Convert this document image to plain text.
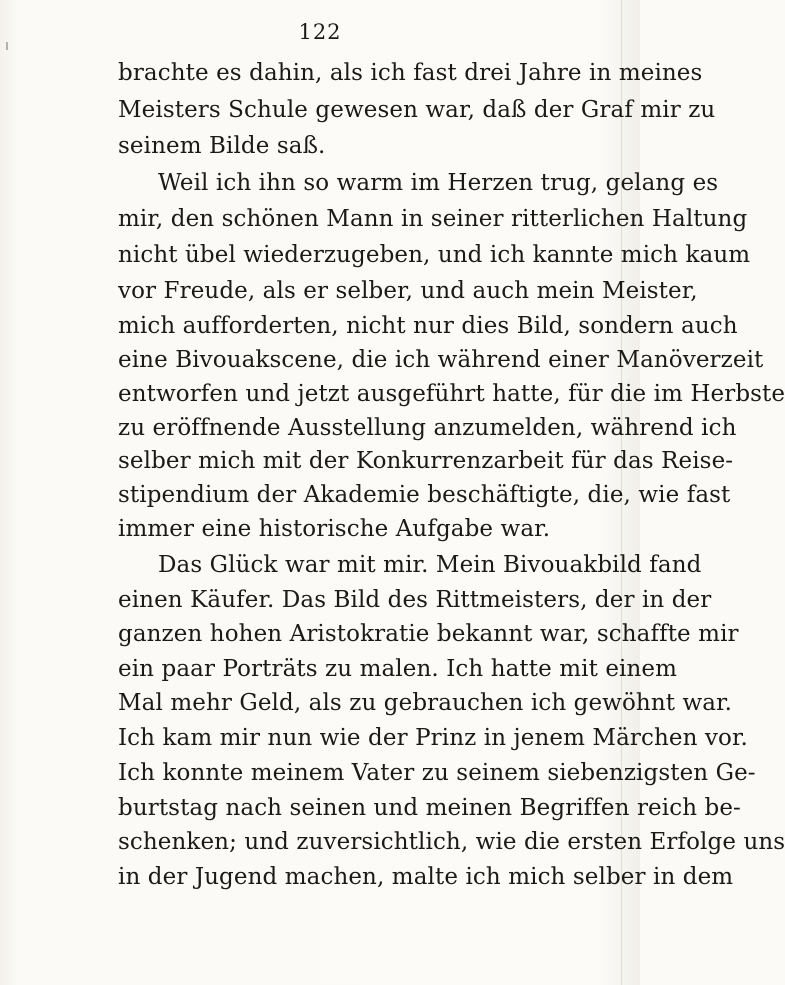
122
brachte es dahin, als ich fast drei Jahre in meines
Meisters Schule gewesen war, daß der Graf mir zu
seinem Bilde saß.
Weil ich ihn so warm im Herzen trug, gelang es
mir, den schönen Mann in seiner ritterlichen Haltung
nicht übel wiederzugeben, und ich kannte mich kaum
vor Freude, als er selber, und auch mein Meister,
mich aufforderten, nicht nur dies Bild, sondern auch
eine Bivouakscene, die ich während einer Manöverzeit
entworfen und jetzt ausgeführt hatte, für die im Herbste
zu eröffnende Ausstellung anzumelden, während ich
selber mich mit der Konkurrenzarbeit für das Reise-
stipendium der Akademie beschäftigte, die, wie fast
immer eine historische Aufgabe war.
Das Glück war mit mir. Mein Bivouakbild fand
einen Käufer. Das Bild des Rittmeisters, der in der
ganzen hohen Aristokratie bekannt war, schaffte mir
ein paar Porträts zu malen. Ich hatte mit einem
Mal mehr Geld, als zu gebrauchen ich gewöhnt war.
Ich kam mir nun wie der Prinz in jenem Märchen vor.
Ich konnte meinem Vater zu seinem siebenzigsten Ge-
burtstag nach seinen und meinen Begriffen reich be-
schenken; und zuversichtlich, wie die ersten Erfolge uns
in der Jugend machen, malte ich mich selber in dem
